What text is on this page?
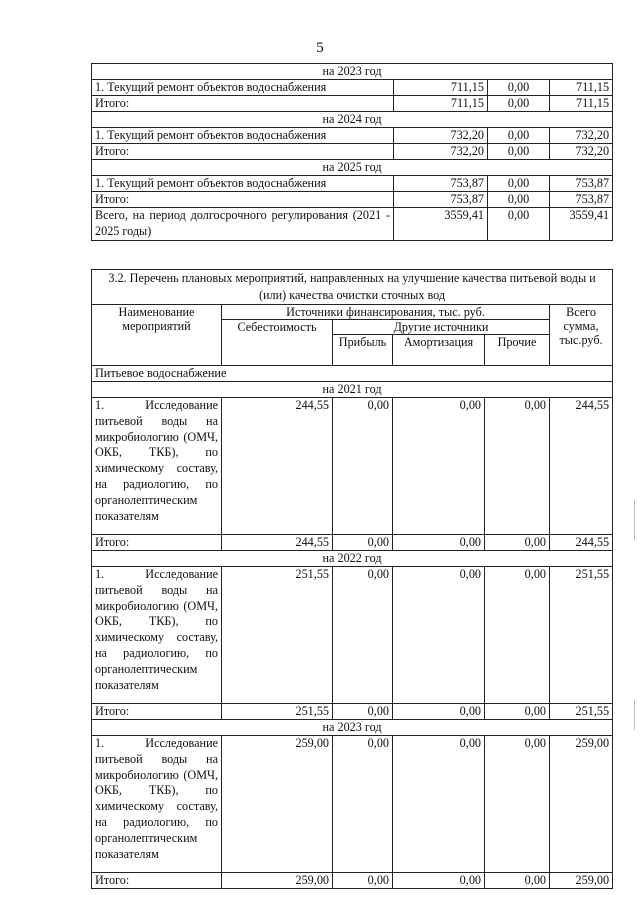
5
на 2023 год			
1. Текущий ремонт объектов водоснабжения	711,15	0,00	711,15
Итого:	711,15	0,00	711,15
на 2024 год			
1. Текущий ремонт объектов водоснабжения	732,20	0,00	732,20
Итого:	732,20	0,00	732,20
на 2025 год			
1. Текущий ремонт объектов водоснабжения	753,87	0,00	753,87
Итого:	753,87	0,00	753,87
Всего, на период долгосрочного регулирования (2021 - 2025 годы)	3559,41	0,00	3559,41
3.2. Перечень плановых мероприятий, направленных на улучшение качества питьевой воды и (или) качества очистки сточных вод					
Наименование мероприятий	Источники финансирования, тыс. руб.				Всего сумма, тыс.руб.
	Себестоимость	Другие источники			
		Прибыль	Амортизация	Прочие	
Питьевое водоснабжение					
на 2021 год					
1. Исследование питьевой воды на микробиологию (ОМЧ, ОКБ, ТКБ), по химическому составу, на радиологию, по органолептическим показателям	244,55	0,00	0,00	0,00	244,55
Итого:	244,55	0,00	0,00	0,00	244,55
на 2022 год					
1. Исследование питьевой воды на микробиологию (ОМЧ, ОКБ, ТКБ), по химическому составу, на радиологию, по органолептическим показателям	251,55	0,00	0,00	0,00	251,55
Итого:	251,55	0,00	0,00	0,00	251,55
на 2023 год					
1. Исследование питьевой воды на микробиологию (ОМЧ, ОКБ, ТКБ), по химическому составу, на радиологию, по органолептическим показателям	259,00	0,00	0,00	0,00	259,00
Итого:	259,00	0,00	0,00	0,00	259,00
